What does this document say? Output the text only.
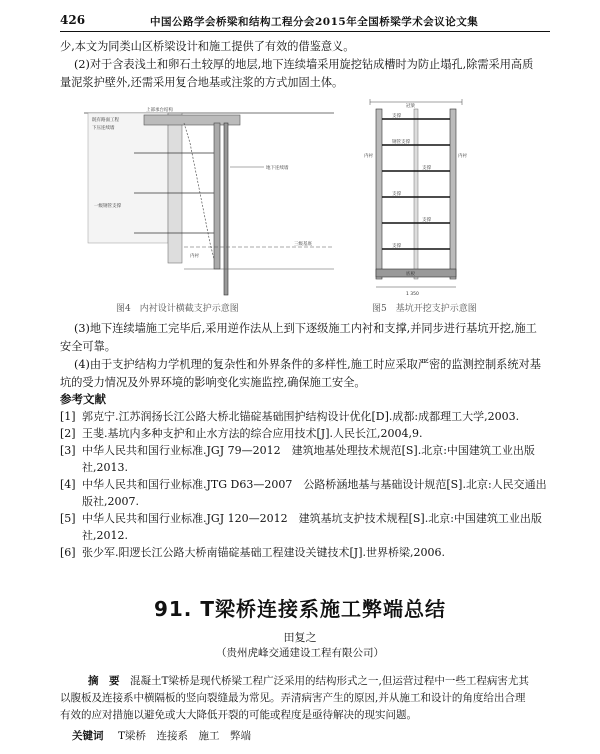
426	中国公路学会桥梁和结构工程分会2015年全国桥梁学术会议论文集
少,本文为同类山区桥梁设计和施工提供了有效的借鉴意义。
(2)对于含表浅土和卵石土较厚的地层,地下连续墙采用旋挖钻成槽时为防止塌孔,除需采用高质
量泥浆护壁外,还需采用复合地基或注浆的方式加固土体。
既有路面工程
下压连续墙
上部承台结构
一级钢管支撑
地下连续墙
内衬
三级基底
图4　内衬设计横截支护示意图
冠梁
内衬	内衬
支撑
钢管支撑
支撑
支撑
支撑
支撑
底板
1 350
图5　基坑开挖支护示意图
(3)地下连续墙施工完毕后,采用逆作法从上到下逐级施工内衬和支撑,并同步进行基坑开挖,施工
安全可靠。
(4)由于支护结构力学机理的复杂性和外界条件的多样性,施工时应采取严密的监测控制系统对基
坑的受力情况及外界环境的影响变化实施监控,确保施工安全。
参考文献
[1] 郭克宁.江苏润扬长江公路大桥北锚碇基础围护结构设计优化[D].成都:成都理工大学,2003.
[2] 王斐.基坑内多种支护和止水方法的综合应用技术[J].人民长江,2004,9.
[3] 中华人民共和国行业标准.JGJ 79—2012　建筑地基处理技术规范[S].北京:中国建筑工业出版
社,2013.
[4] 中华人民共和国行业标准.JTG D63—2007　公路桥涵地基与基础设计规范[S].北京:人民交通出
版社,2007.
[5] 中华人民共和国行业标准.JGJ 120—2012　建筑基坑支护技术规程[S].北京:中国建筑工业出版
社,2012.
[6] 张少军.阳逻长江公路大桥南锚碇基础工程建设关键技术[J].世界桥梁,2006.
91. T梁桥连接系施工弊端总结
田复之
（贵州虎峰交通建设工程有限公司）
摘　要 混凝土T梁桥是现代桥梁工程广泛采用的结构形式之一,但运营过程中一些工程病害尤其
以腹板及连接系中横隔板的竖向裂缝最为常见。弄清病害产生的原因,并从施工和设计的角度给出合理
有效的应对措施以避免或大大降低开裂的可能或程度是亟待解决的现实问题。
关键词 T梁桥　连接系　施工　弊端
